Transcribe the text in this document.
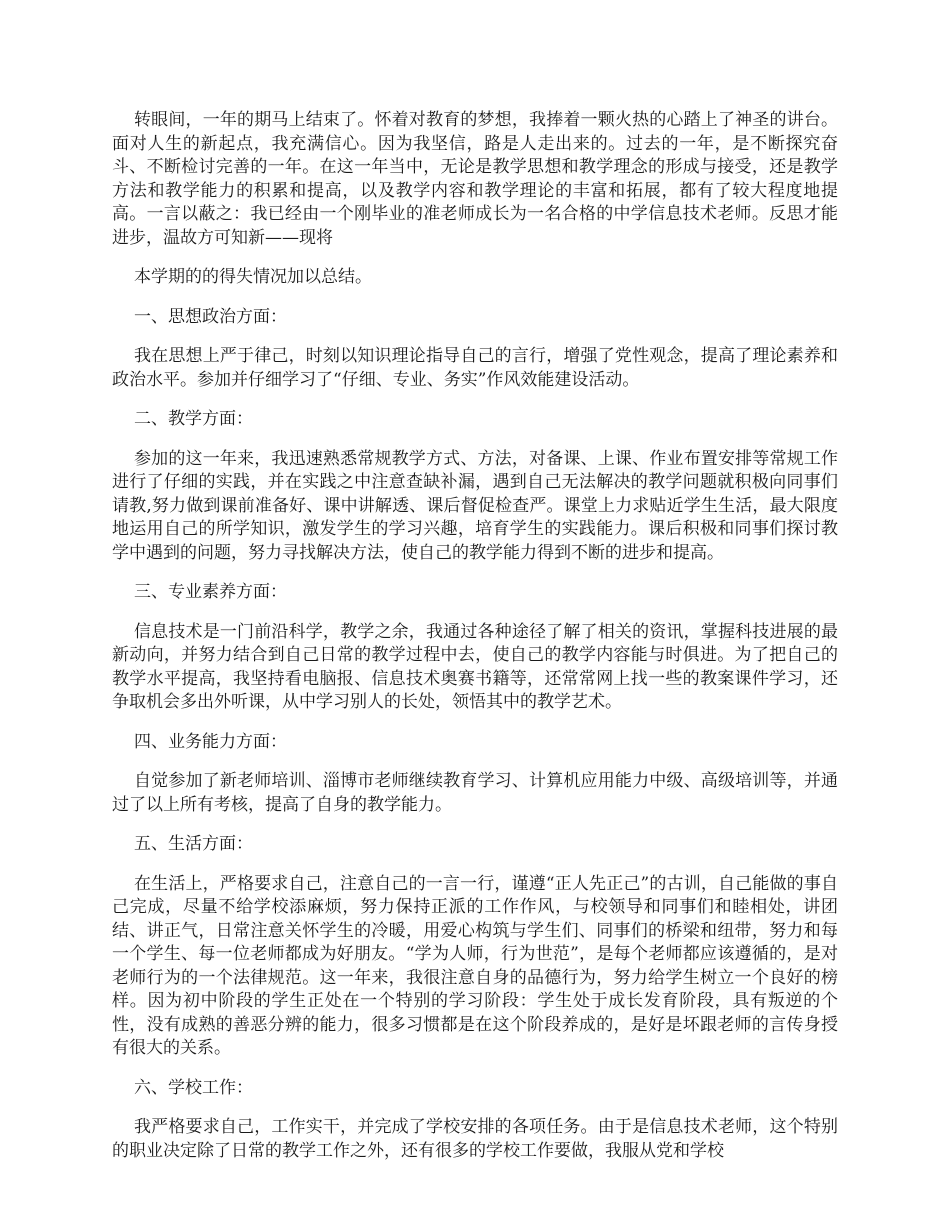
转眼间，一年的期马上结束了。怀着对教育的梦想，我捧着一颗火热的心踏上了神圣的讲台。面对人生的新起点，我充满信心。因为我坚信，路是人走出来的。过去的一年，是不断探究奋斗、不断检讨完善的一年。在这一年当中，无论是教学思想和教学理念的形成与接受，还是教学方法和教学能力的积累和提高，以及教学内容和教学理论的丰富和拓展，都有了较大程度地提高。一言以蔽之：我已经由一个刚毕业的准老师成长为一名合格的中学信息技术老师。反思才能进步，温故方可知新——现将

本学期的的得失情况加以总结。

一、思想政治方面：

我在思想上严于律己，时刻以知识理论指导自己的言行，增强了党性观念，提高了理论素养和政治水平。参加并仔细学习了“仔细、专业、务实”作风效能建设活动。

二、教学方面：

参加的这一年来，我迅速熟悉常规教学方式、方法，对备课、上课、作业布置安排等常规工作进行了仔细的实践，并在实践之中注意查缺补漏，遇到自己无法解决的教学问题就积极向同事们请教,努力做到课前准备好、课中讲解透、课后督促检查严。课堂上力求贴近学生生活，最大限度地运用自己的所学知识，激发学生的学习兴趣，培育学生的实践能力。课后积极和同事们探讨教学中遇到的问题，努力寻找解决方法，使自己的教学能力得到不断的进步和提高。

三、专业素养方面：

信息技术是一门前沿科学，教学之余，我通过各种途径了解了相关的资讯，掌握科技进展的最新动向，并努力结合到自己日常的教学过程中去，使自己的教学内容能与时俱进。为了把自己的教学水平提高，我坚持看电脑报、信息技术奥赛书籍等，还常常网上找一些的教案课件学习，还争取机会多出外听课，从中学习别人的长处，领悟其中的教学艺术。

四、业务能力方面：

自觉参加了新老师培训、淄博市老师继续教育学习、计算机应用能力中级、高级培训等，并通过了以上所有考核，提高了自身的教学能力。

五、生活方面：

在生活上，严格要求自己，注意自己的一言一行，谨遵“正人先正己”的古训，自己能做的事自己完成，尽量不给学校添麻烦，努力保持正派的工作作风，与校领导和同事们和睦相处，讲团结、讲正气，日常注意关怀学生的冷暖，用爱心构筑与学生们、同事们的桥梁和纽带，努力和每一个学生、每一位老师都成为好朋友。“学为人师，行为世范”，是每个老师都应该遵循的，是对老师行为的一个法律规范。这一年来，我很注意自身的品德行为，努力给学生树立一个良好的榜样。因为初中阶段的学生正处在一个特别的学习阶段：学生处于成长发育阶段，具有叛逆的个性，没有成熟的善恶分辨的能力，很多习惯都是在这个阶段养成的，是好是坏跟老师的言传身授有很大的关系。

六、学校工作：

我严格要求自己，工作实干，并完成了学校安排的各项任务。由于是信息技术老师，这个特别的职业决定除了日常的教学工作之外，还有很多的学校工作要做，我服从党和学校
